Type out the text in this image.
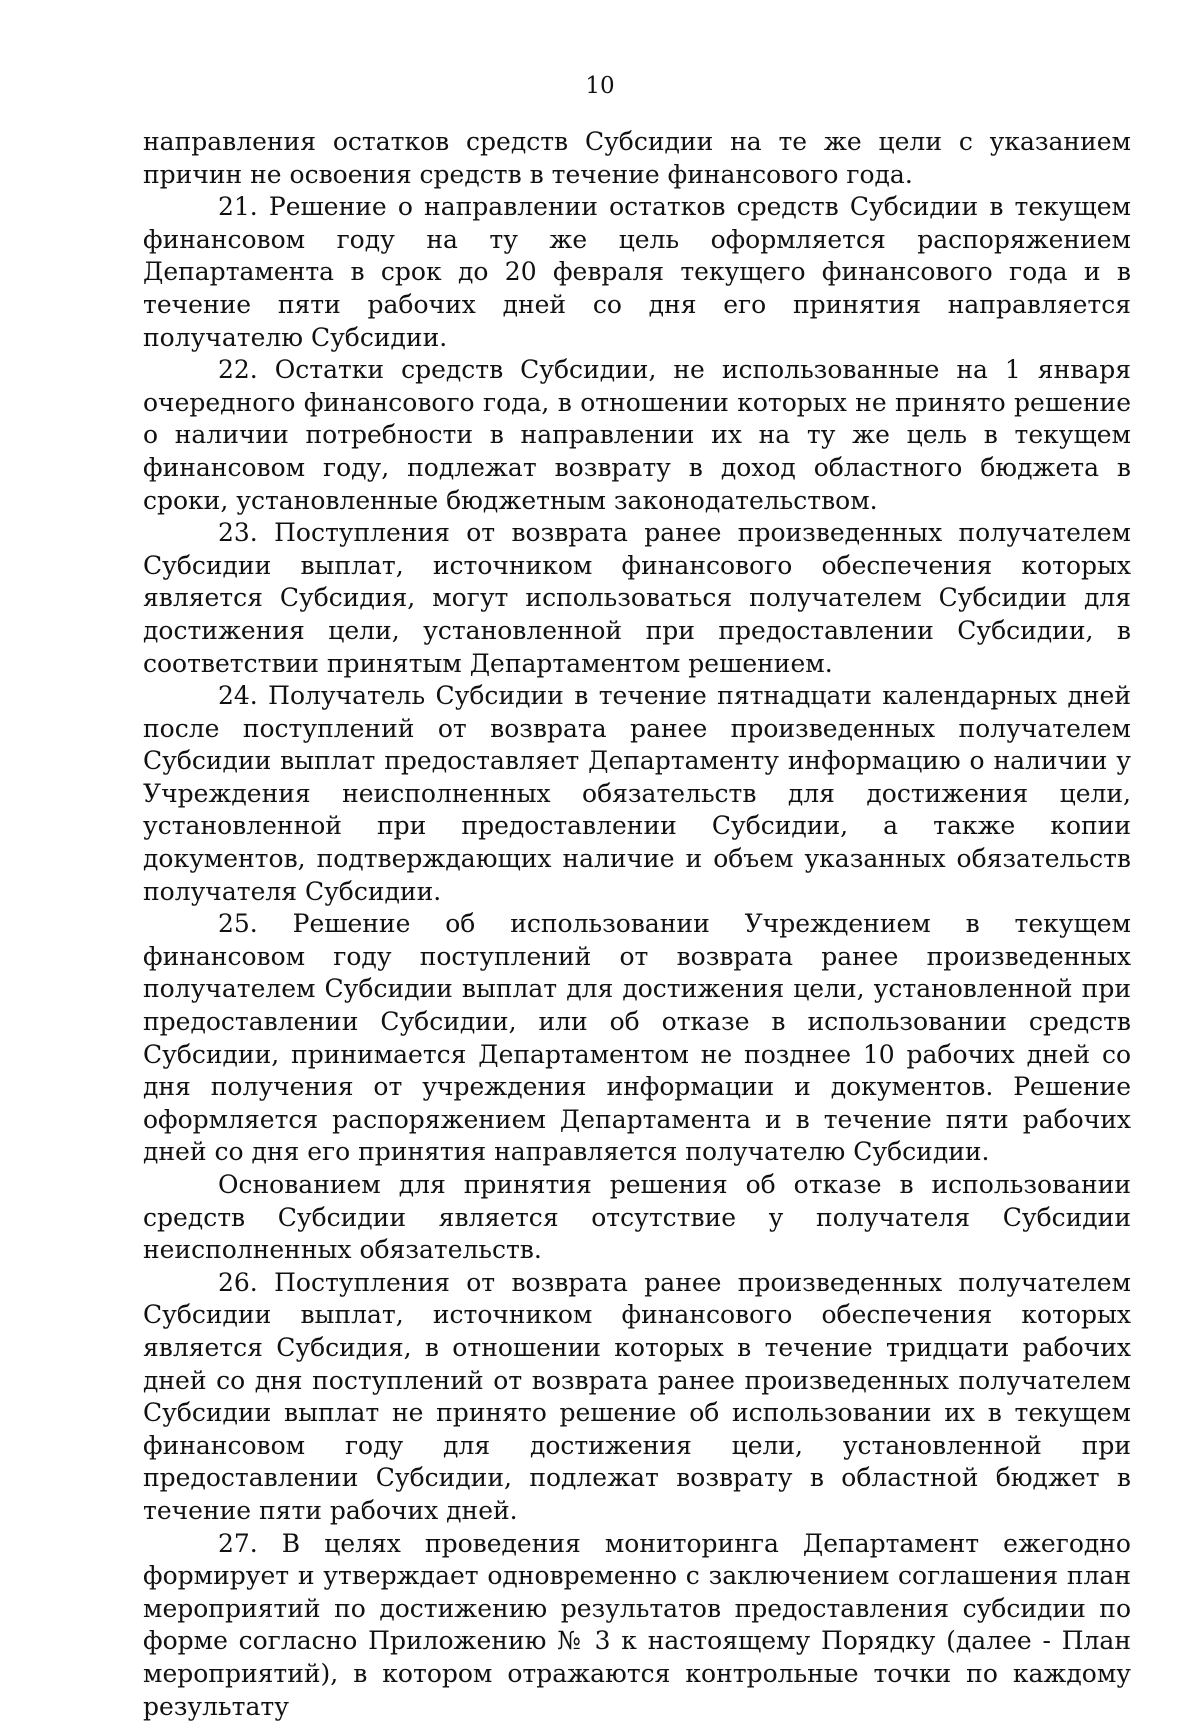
10

направления остатков средств Субсидии на те же цели с указанием причин не освоения средств в течение финансового года.

21. Решение о направлении остатков средств Субсидии в текущем финансовом году на ту же цель оформляется распоряжением Департамента в срок до 20 февраля текущего финансового года и в течение пяти рабочих дней со дня его принятия направляется получателю Субсидии.

22. Остатки средств Субсидии, не использованные на 1 января очередного финансового года, в отношении которых не принято решение о наличии потребности в направлении их на ту же цель в текущем финансовом году, подлежат возврату в доход областного бюджета в сроки, установленные бюджетным законодательством.

23. Поступления от возврата ранее произведенных получателем Субсидии выплат, источником финансового обеспечения которых является Субсидия, могут использоваться получателем Субсидии для достижения цели, установленной при предоставлении Субсидии, в соответствии принятым Департаментом решением.

24. Получатель Субсидии в течение пятнадцати календарных дней после поступлений от возврата ранее произведенных получателем Субсидии выплат предоставляет Департаменту информацию о наличии у Учреждения неисполненных обязательств для достижения цели, установленной при предоставлении Субсидии, а также копии документов, подтверждающих наличие и объем указанных обязательств получателя Субсидии.

25. Решение об использовании Учреждением в текущем финансовом году поступлений от возврата ранее произведенных получателем Субсидии выплат для достижения цели, установленной при предоставлении Субсидии, или об отказе в использовании средств Субсидии, принимается Департаментом не позднее 10 рабочих дней со дня получения от учреждения информации и документов. Решение оформляется распоряжением Департамента и в течение пяти рабочих дней со дня его принятия направляется получателю Субсидии.

Основанием для принятия решения об отказе в использовании средств Субсидии является отсутствие у получателя Субсидии неисполненных обязательств.

26. Поступления от возврата ранее произведенных получателем Субсидии выплат, источником финансового обеспечения которых является Субсидия, в отношении которых в течение тридцати рабочих дней со дня поступлений от возврата ранее произведенных получателем Субсидии выплат не принято решение об использовании их в текущем финансовом году для достижения цели, установленной при предоставлении Субсидии, подлежат возврату в областной бюджет в течение пяти рабочих дней.

27. В целях проведения мониторинга Департамент ежегодно формирует и утверждает одновременно с заключением соглашения план мероприятий по достижению результатов предоставления субсидии по форме согласно Приложению № 3 к настоящему Порядку (далее - План мероприятий), в котором отражаются контрольные точки по каждому результату
